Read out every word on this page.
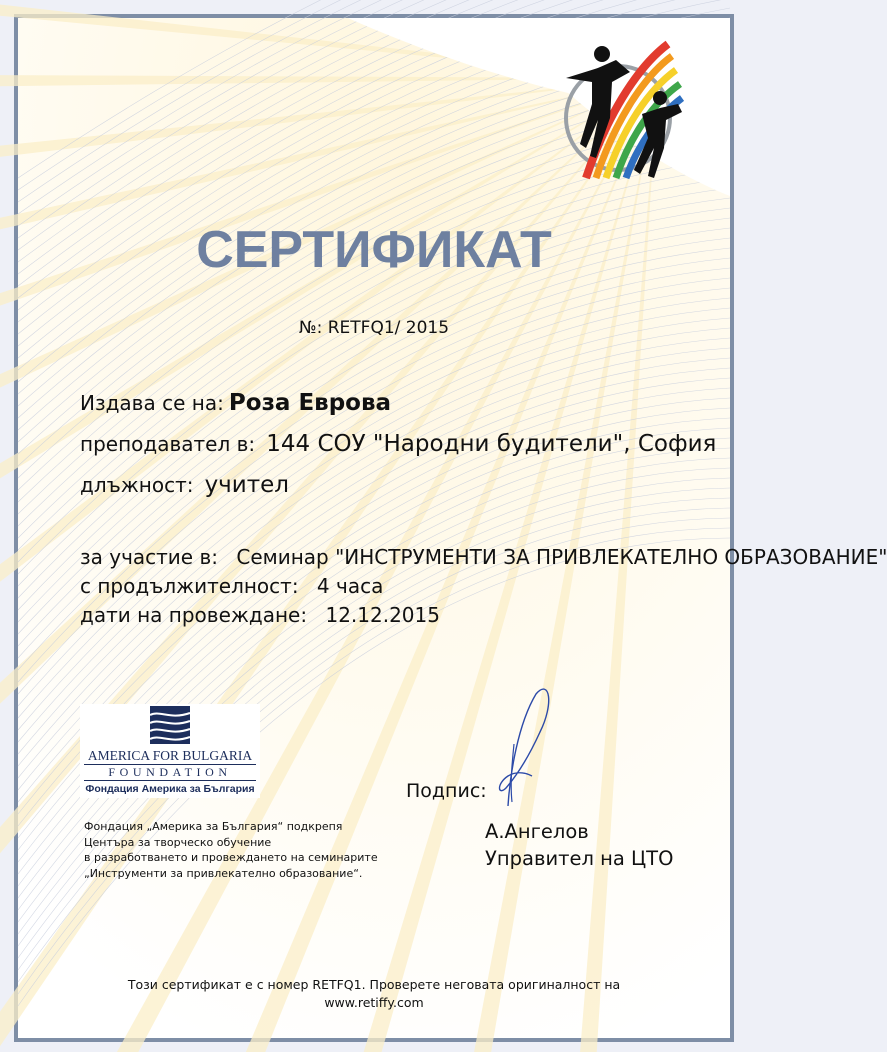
СЕРТИФИКАТ
№: RETFQ1/ 2015
Издава се на: Роза Еврова
преподавател в: 144 СОУ "Народни будители", София
длъжност: учител
за участие в: Семинар "ИНСТРУМЕНТИ ЗА ПРИВЛЕКАТЕЛНО ОБРАЗОВАНИЕ"
с продължителност: 4 часа
дати на провеждане: 12.12.2015
AMERICA FOR BULGARIA
FOUNDATION
Фондация Америка за България
Фондация „Америка за България“ подкрепя
Центъра за творческо обучение
в разработването и провеждането на семинарите
„Инструменти за привлекателно образование“.
Подпис:
А.Ангелов
Управител на ЦТО
Този сертификат е с номер RETFQ1. Проверете неговата оригиналност на
www.retiffy.com
